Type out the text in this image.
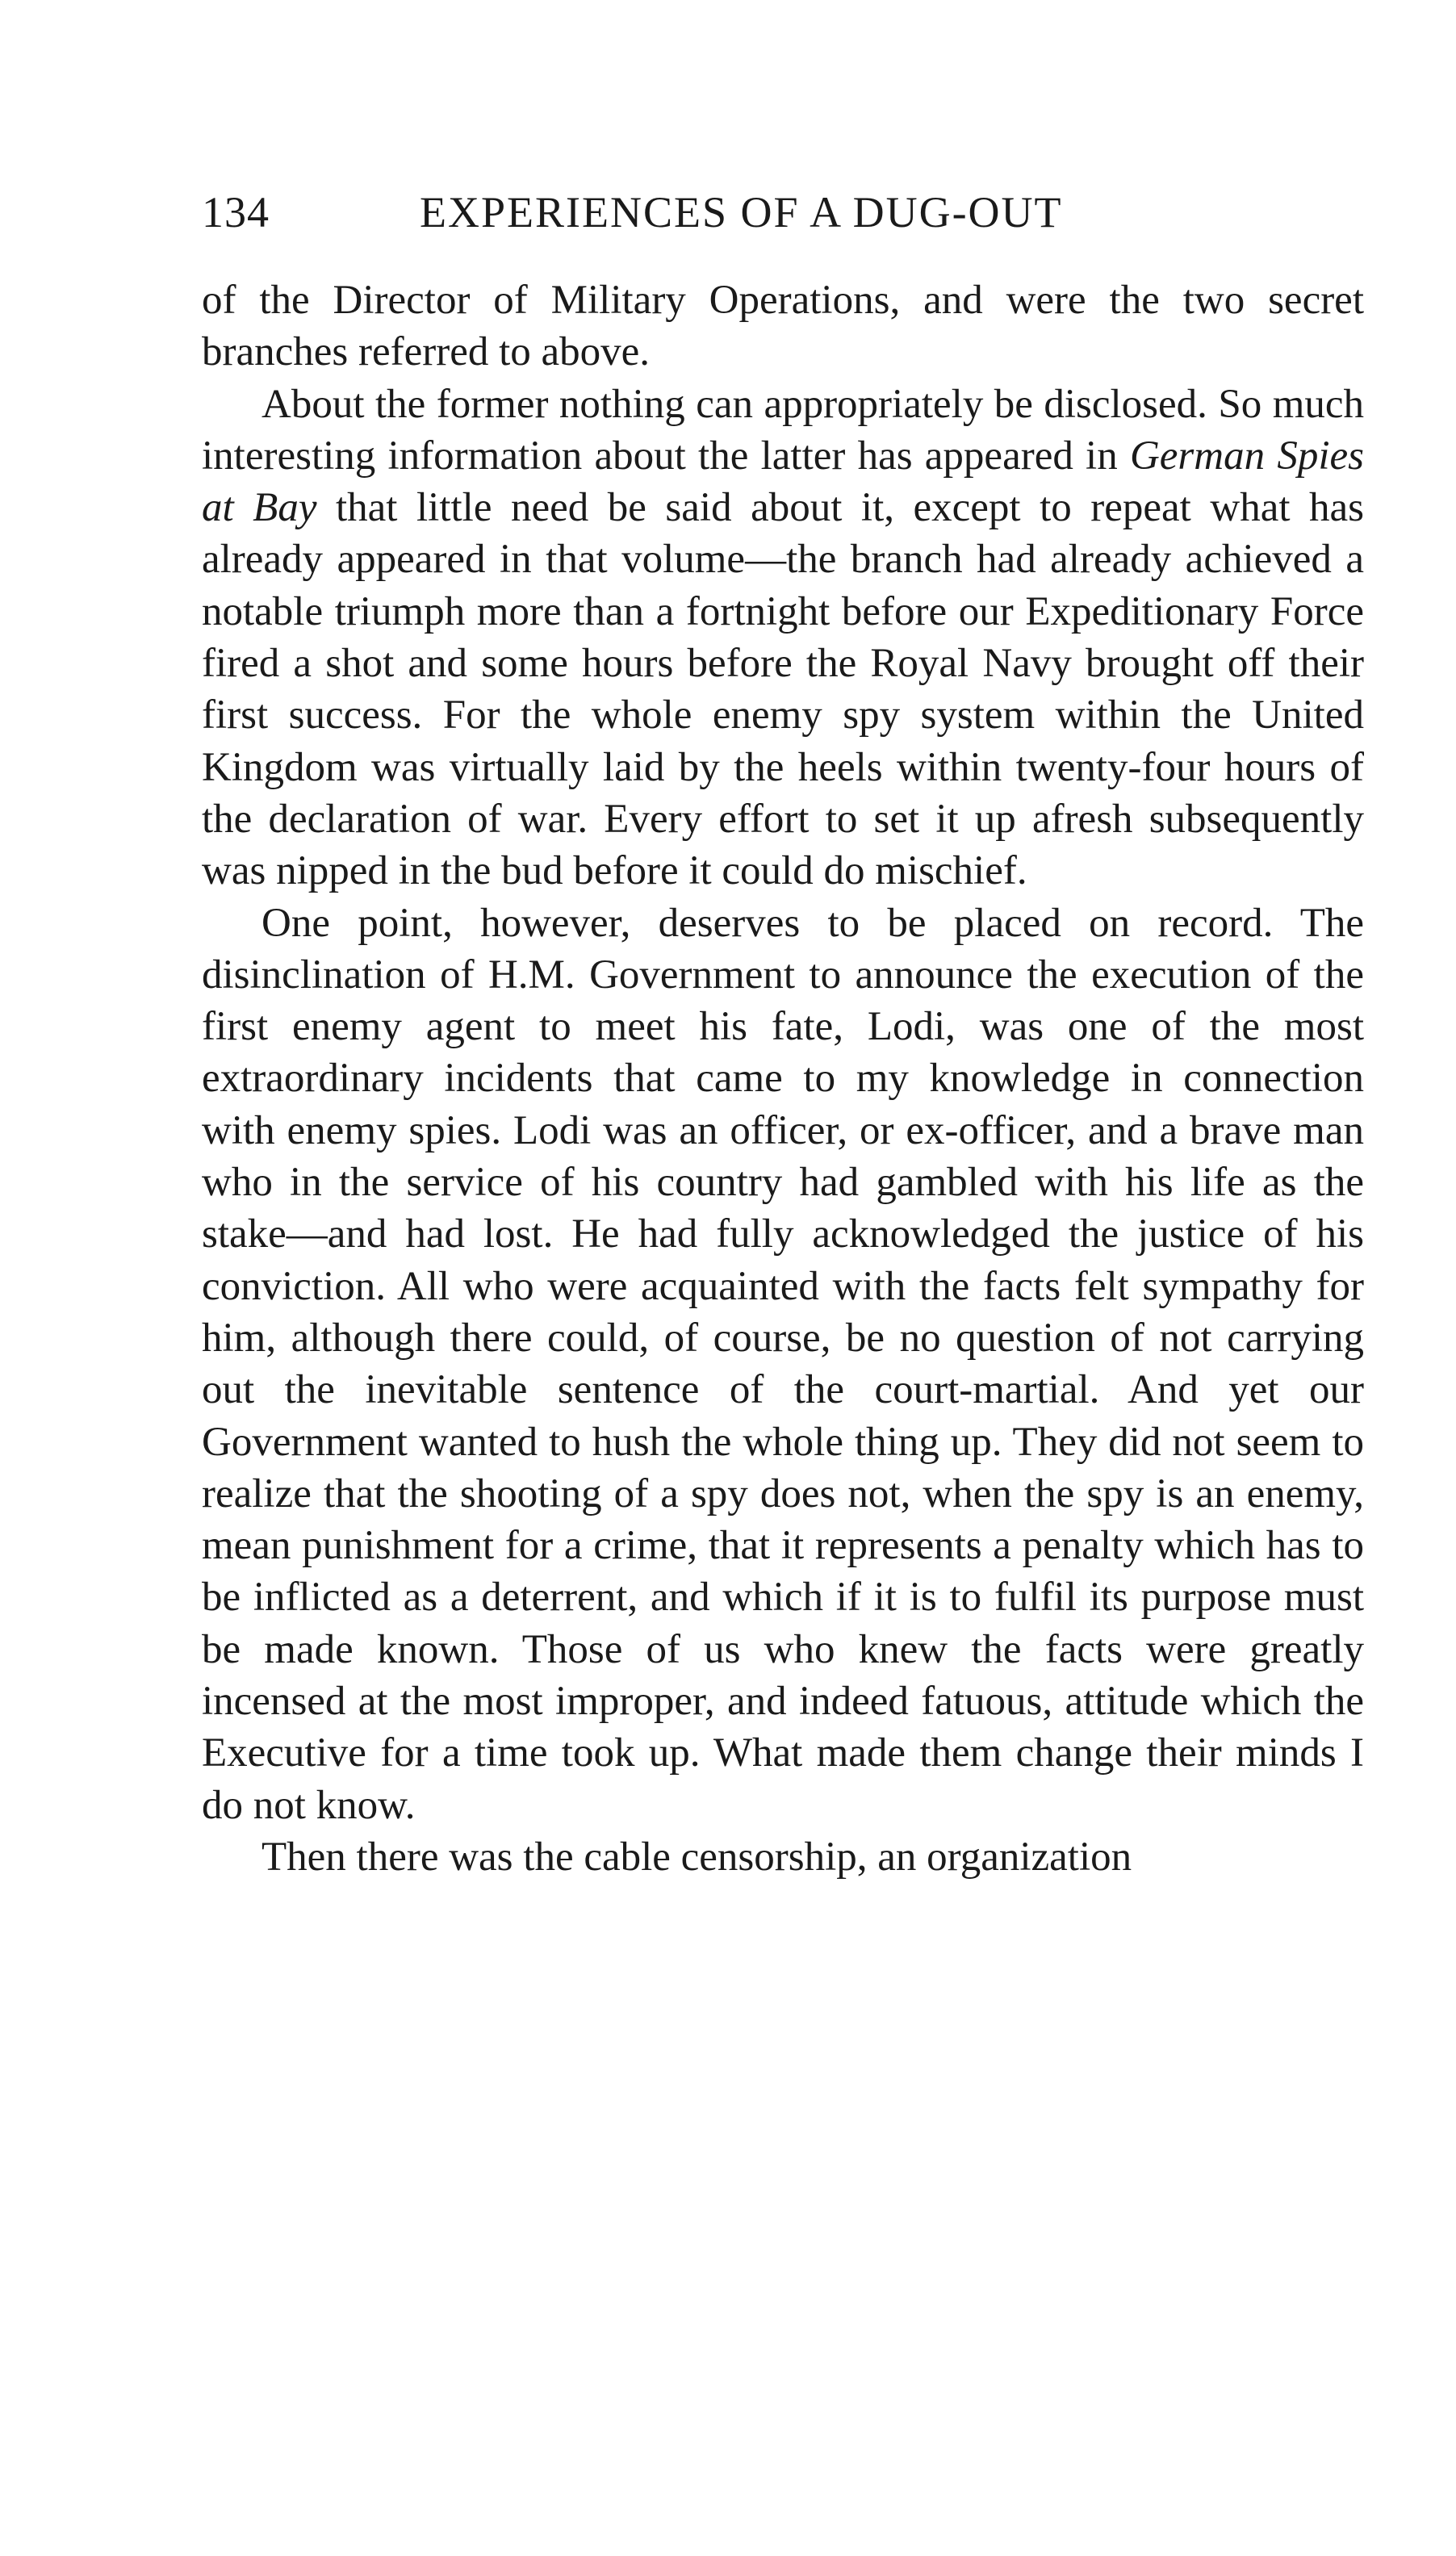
134	EXPERIENCES OF A DUG-OUT

of the Director of Military Operations, and were the two secret branches referred to above.

About the former nothing can appropriately be disclosed. So much interesting information about the latter has appeared in German Spies at Bay that little need be said about it, except to repeat what has already appeared in that volume—the branch had already achieved a notable triumph more than a fortnight before our Expeditionary Force fired a shot and some hours before the Royal Navy brought off their first success. For the whole enemy spy system within the United Kingdom was virtually laid by the heels within twenty-four hours of the declaration of war. Every effort to set it up afresh subsequently was nipped in the bud before it could do mischief.

One point, however, deserves to be placed on record. The disinclination of H.M. Government to announce the execution of the first enemy agent to meet his fate, Lodi, was one of the most extraordinary incidents that came to my knowledge in connection with enemy spies. Lodi was an officer, or ex-officer, and a brave man who in the service of his country had gambled with his life as the stake—and had lost. He had fully acknowledged the justice of his conviction. All who were acquainted with the facts felt sympathy for him, although there could, of course, be no question of not carrying out the inevitable sentence of the court-martial. And yet our Government wanted to hush the whole thing up. They did not seem to realize that the shooting of a spy does not, when the spy is an enemy, mean punishment for a crime, that it represents a penalty which has to be inflicted as a deterrent, and which if it is to fulfil its purpose must be made known. Those of us who knew the facts were greatly incensed at the most improper, and indeed fatuous, attitude which the Executive for a time took up. What made them change their minds I do not know.

Then there was the cable censorship, an organization
